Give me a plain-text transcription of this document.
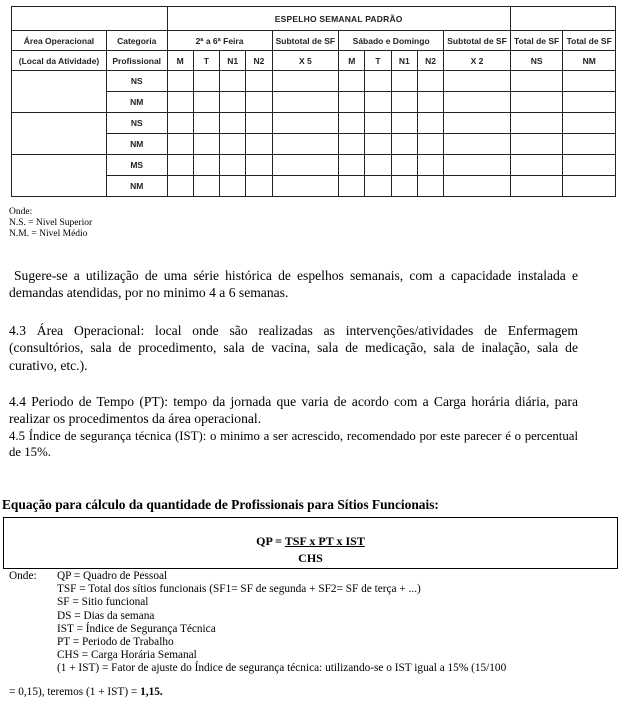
		ESPELHO SEMANAL PADRÃO											
Área Operacional	Categoria	2ª a 6ª Feira				Subtotal de SF	Sábado e Domingo				Subtotal de SF	Total de SF	Total de SF
(Local da Atividade)	Profissional	M	T	N1	N2	X 5	M	T	N1	N2	X 2	NS	NM
	NS												
	NM												
	NS												
	NM												
	MS												
	NM												
Onde:
N.S. = Nivel Superior
N.M. = Nivel Médio
Sugere-se a utilização de uma série histórica de espelhos semanais, com a capacidade instalada e demandas atendidas, por no minimo 4 a 6 semanas.
4.3 Área Operacional: local onde são realizadas as intervenções/atividades de Enfermagem (consultórios, sala de procedimento, sala de vacina, sala de medicação, sala de inalação, sala de curativo, etc.).
4.4 Periodo de Tempo (PT): tempo da jornada que varia de acordo com a Carga horária diária, para realizar os procedimentos da área operacional.
4.5 Índice de segurança técnica (IST): o minimo a ser acrescido, recomendado por este parecer é o percentual de 15%.
Equação para cálculo da quantidade de Profissionais para Sítios Funcionais:
QP = TSF x PT x IST
CHS
Onde: QP = Quadro de Pessoal
TSF = Total dos sítios funcionais (SF1= SF de segunda + SF2= SF de terça + ...)
SF = Sitio funcional
DS = Dias da semana
IST = Índice de Segurança Técnica
PT = Periodo de Trabalho
CHS = Carga Horária Semanal
(1 + IST) = Fator de ajuste do Índice de segurança técnica: utilizando-se o IST igual a 15% (15/100
= 0,15), teremos (1 + IST) = 1,15.
